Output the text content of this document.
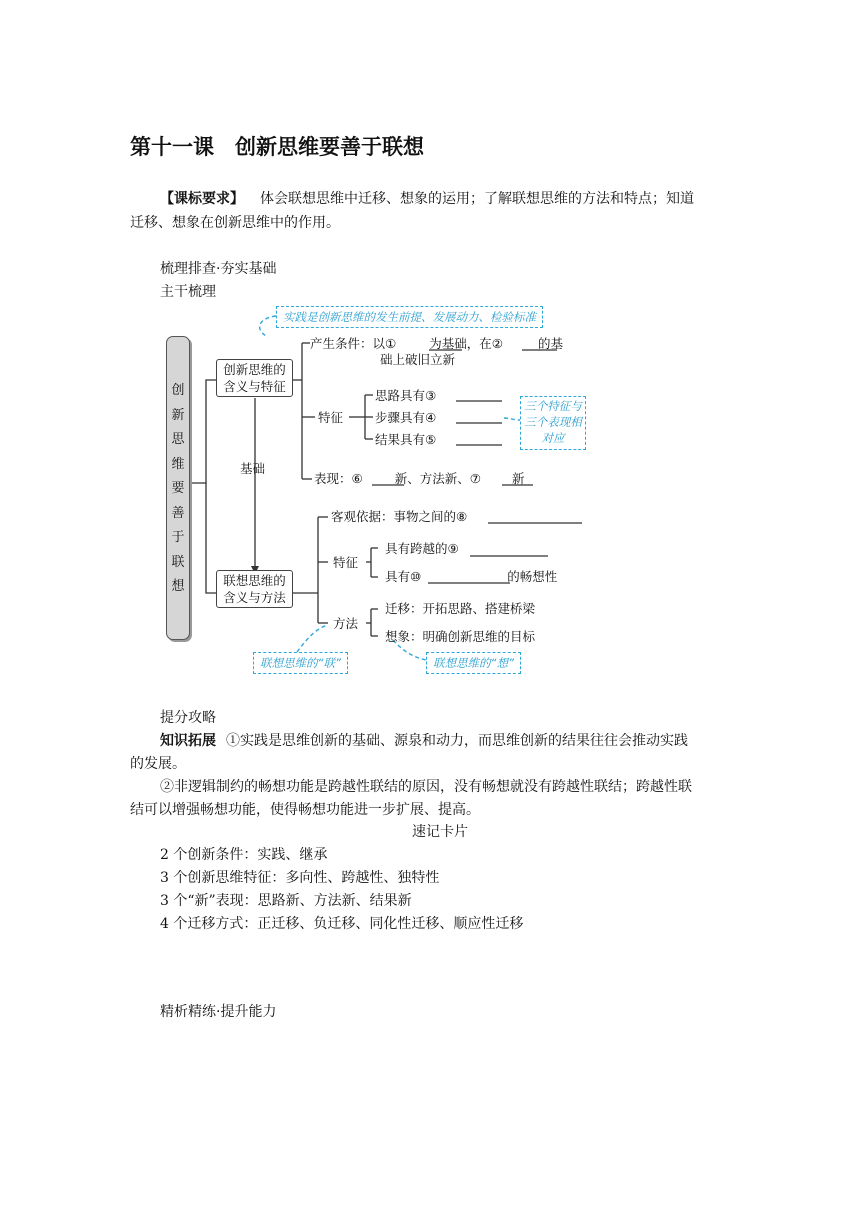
第十一课　创新思维要善于联想
【课标要求】 体会联想思维中迁移、想象的运用；了解联想思维的方法和特点；知道
迁移、想象在创新思维中的作用。
梳理排查·夯实基础
主干梳理
创新思维要善于联想
创新思维的含义与特征
联想思维的含义与方法
基础
产生条件：以①	为基础，在②	的基
础上破旧立新
特征
思路具有③
步骤具有④
结果具有⑤
表现：⑥	新、方法新、⑦ 新
客观依据：事物之间的⑧
特征
具有跨越的⑨
具有⑩	的畅想性
方法
迁移：开拓思路、搭建桥梁
想象：明确创新思维的目标
实践是创新思维的发生前提、发展动力、检验标准
三个特征与三个表现相对应
联想思维的“联”	联想思维的“想”
提分攻略
知识拓展 ①实践是思维创新的基础、源泉和动力，而思维创新的结果往往会推动实践
的发展。
②非逻辑制约的畅想功能是跨越性联结的原因，没有畅想就没有跨越性联结；跨越性联
结可以增强畅想功能，使得畅想功能进一步扩展、提高。
速记卡片
2 个创新条件：实践、继承
3 个创新思维特征：多向性、跨越性、独特性
3 个“新”表现：思路新、方法新、结果新
4 个迁移方式：正迁移、负迁移、同化性迁移、顺应性迁移
精析精练·提升能力
